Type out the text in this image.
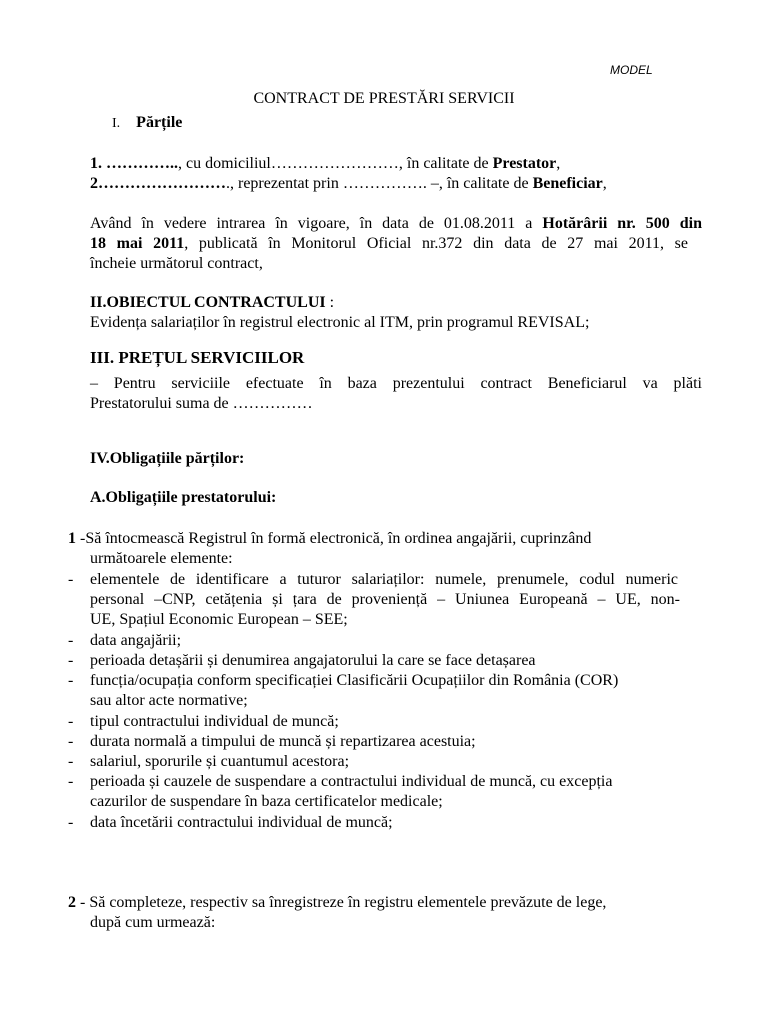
MODEL
CONTRACT DE PRESTĂRI SERVICII
I. Părțile
1. ………….., cu domiciliul……………………, în calitate de Prestator,
2……………………., reprezentat prin ……………. –, în calitate de Beneficiar,
Având în vedere intrarea în vigoare, în data de 01.08.2011 a Hotărârii nr. 500 din
18 mai 2011, publicată în Monitorul Oficial nr.372 din data de 27 mai 2011, se
încheie următorul contract,
II.OBIECTUL CONTRACTULUI :
Evidența salariaților în registrul electronic al ITM, prin programul REVISAL;
III. PREȚUL SERVICIILOR
– Pentru serviciile efectuate în baza prezentului contract Beneficiarul va plăti
Prestatorului suma de ……………
IV.Obligațiile părților:
A.Obligațiile prestatorului:
1 -Să întocmească Registrul în formă electronică, în ordinea angajării, cuprinzând
următoarele elemente:
- elementele de identificare a tuturor salariaților: numele, prenumele, codul numeric
personal –CNP, cetățenia și țara de proveniență – Uniunea Europeană – UE, non-
UE, Spațiul Economic European – SEE;
- data angajării;
- perioada detașării și denumirea angajatorului la care se face detașarea
- funcția/ocupația conform specificației Clasificării Ocupațiilor din România (COR)
sau altor acte normative;
- tipul contractului individual de muncă;
- durata normală a timpului de muncă și repartizarea acestuia;
- salariul, sporurile și cuantumul acestora;
- perioada și cauzele de suspendare a contractului individual de muncă, cu excepția
cazurilor de suspendare în baza certificatelor medicale;
- data încetării contractului individual de muncă;
2 - Să completeze, respectiv sa înregistreze în registru elementele prevăzute de lege,
după cum urmează:
